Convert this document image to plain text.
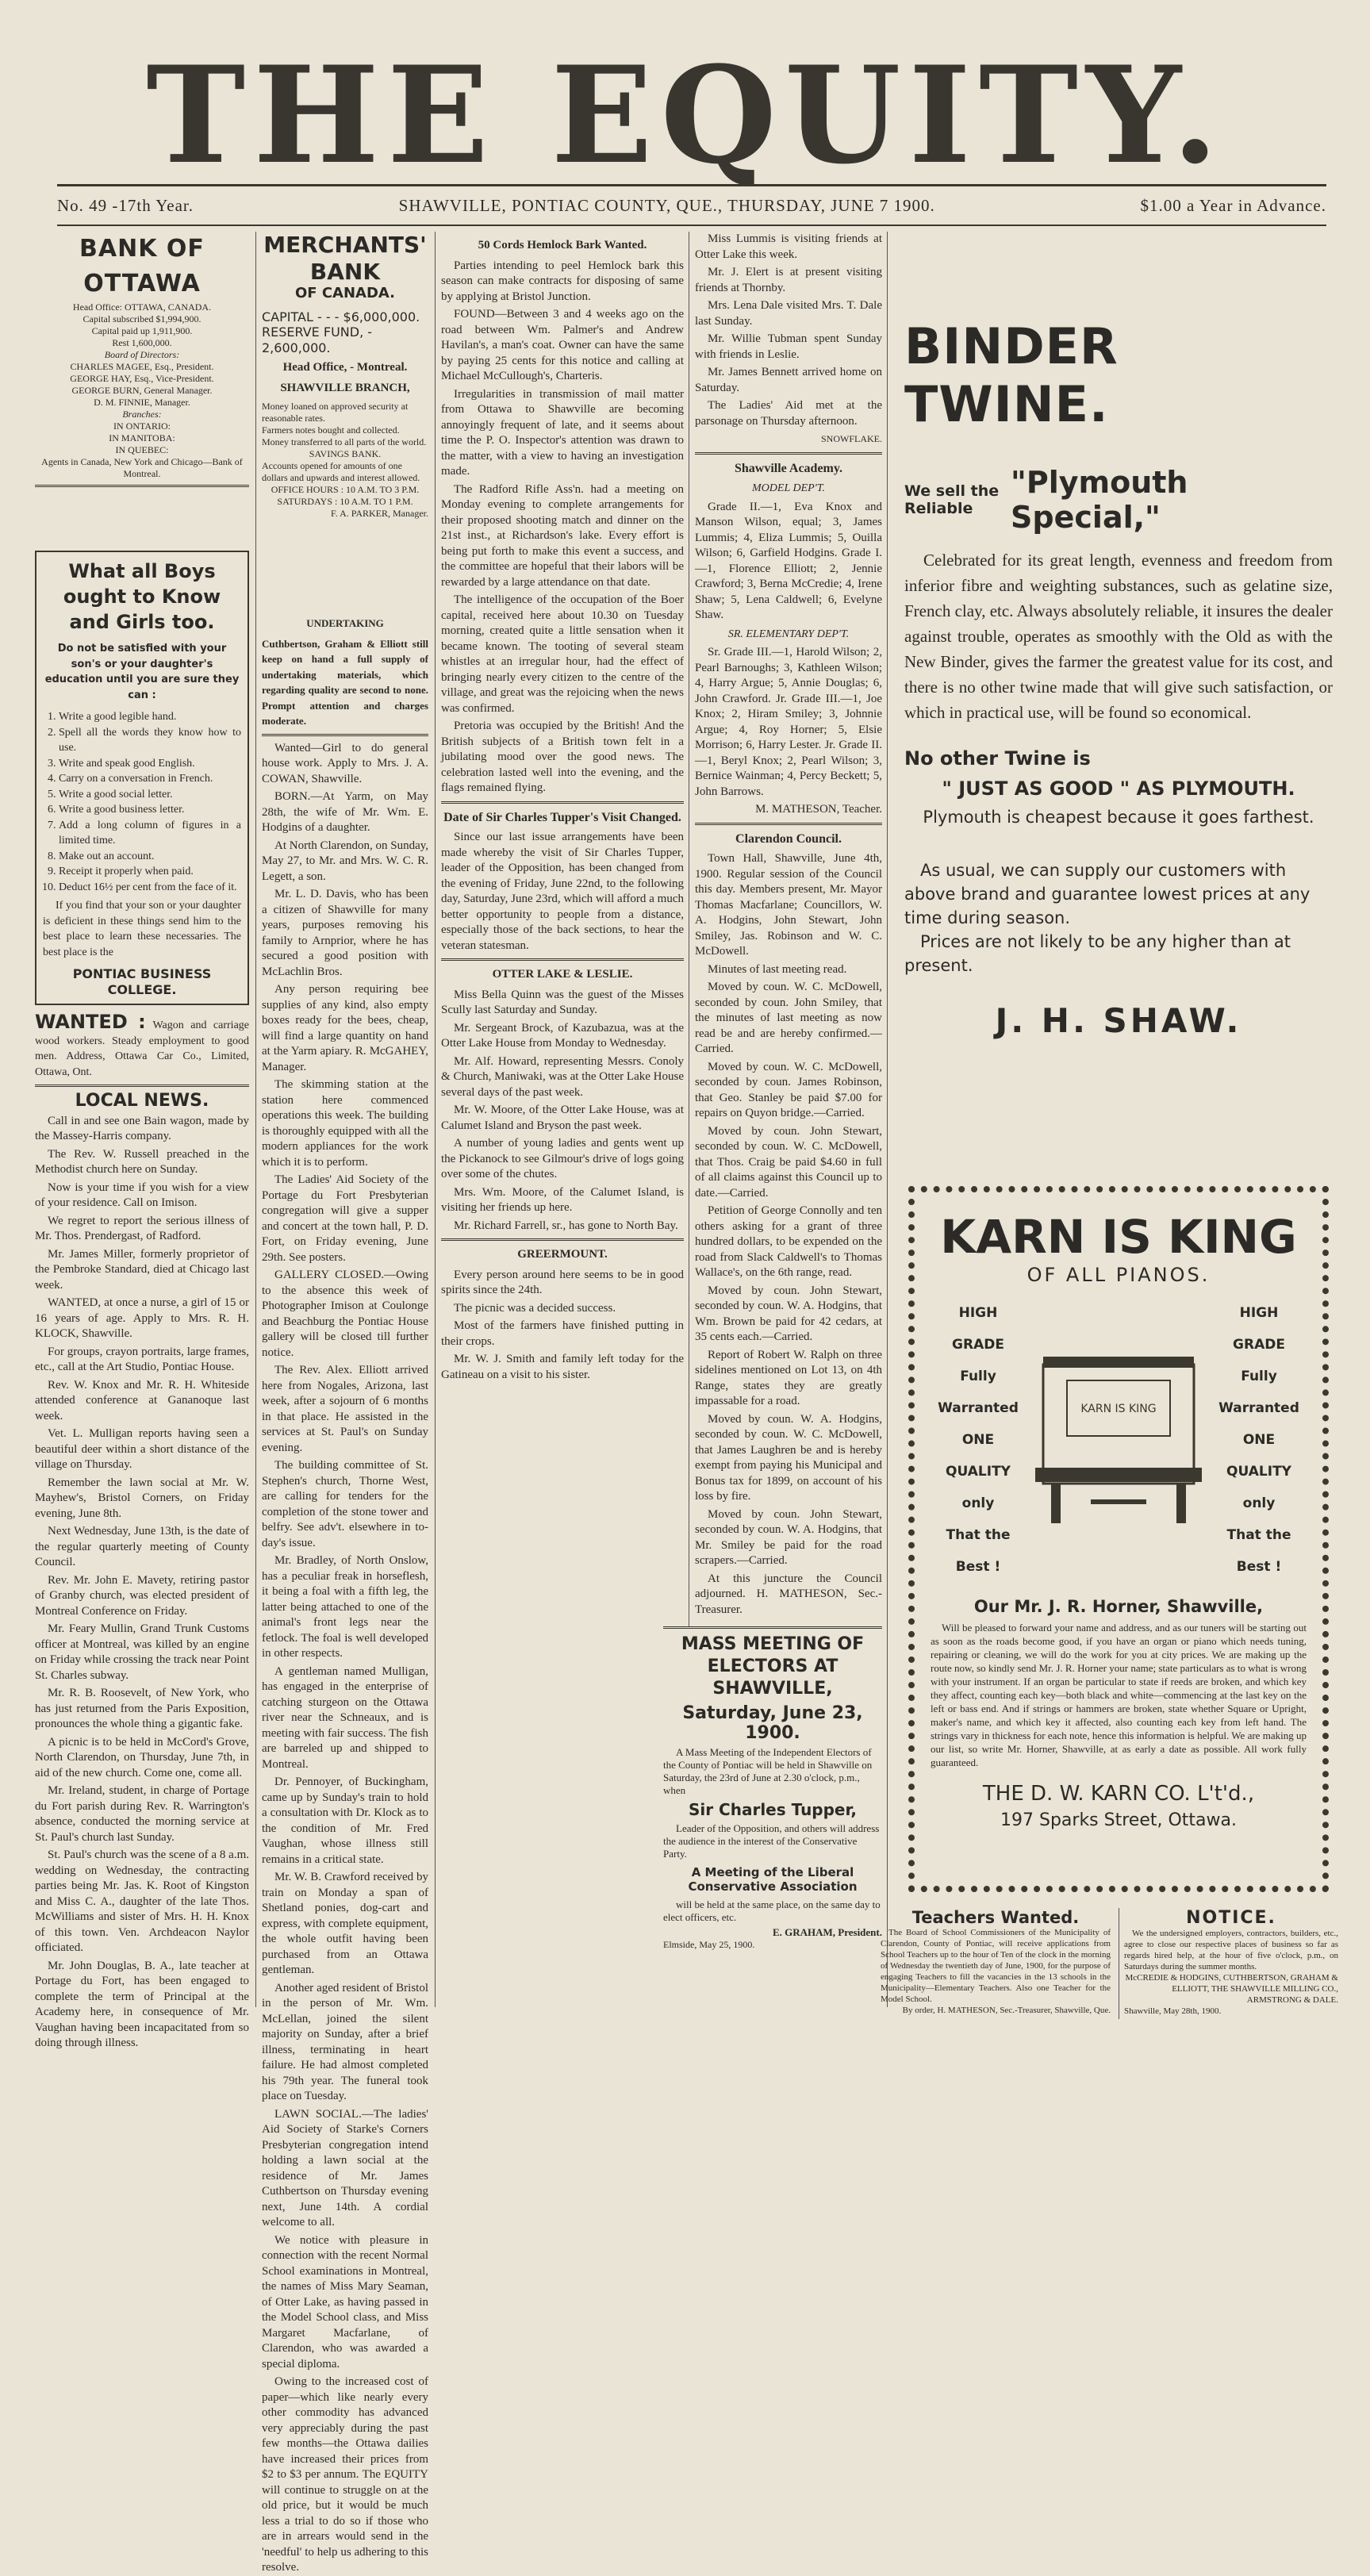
THE EQUITY.
No. 49 -17th Year.	SHAWVILLE, PONTIAC COUNTY, QUE., THURSDAY, JUNE 7 1900.	$1.00 a Year in Advance.
BANK OF OTTAWA
Head Office: OTTAWA, CANADA.
Capital subscribed $1,994,900.
Capital paid up 1,911,900.
Rest 1,600,000.
Board of Directors:
CHARLES MAGEE, Esq., President.
GEORGE HAY, Esq., Vice-President.
GEORGE BURN, General Manager.
D. M. FINNIE, Manager.
Branches:
IN ONTARIO:
IN MANITOBA:
IN QUEBEC:
Agents in Canada, New York and Chicago—Bank of Montreal.
What all Boys ought to Know and Girls too.
Do not be satisfied with your son's or your daughter's education until you are sure they can :
1. Write a good legible hand.
2. Spell all the words they know how to use.
3. Write and speak good English.
4. Carry on a conversation in French.
5. Write a good social letter.
6. Write a good business letter.
7. Add a long column of figures in a limited time.
8. Make out an account.
9. Receipt it properly when paid.
10. Deduct 16½ per cent from the face of it.
If you find that your son or your daughter is deficient in these things send him to the best place to learn these necessaries. The best place is the
PONTIAC BUSINESS COLLEGE.
WANTED : Wagon and carriage wood workers. Steady employment to good men. Address, Ottawa Car Co., Limited, Ottawa, Ont.
LOCAL NEWS.
Call in and see one Bain wagon, made by the Massey-Harris company.
The Rev. W. Russell preached in the Methodist church here on Sunday.
Now is your time if you wish for a view of your residence. Call on Imison.
We regret to report the serious illness of Mr. Thos. Prendergast, of Radford.
Mr. James Miller, formerly proprietor of the Pembroke Standard, died at Chicago last week.
WANTED, at once a nurse, a girl of 15 or 16 years of age. Apply to Mrs. R. H. KLOCK, Shawville.
For groups, crayon portraits, large frames, etc., call at the Art Studio, Pontiac House.
Rev. W. Knox and Mr. R. H. Whiteside attended conference at Gananoque last week.
Vet. L. Mulligan reports having seen a beautiful deer within a short distance of the village on Thursday.
Remember the lawn social at Mr. W. Mayhew's, Bristol Corners, on Friday evening, June 8th.
Next Wednesday, June 13th, is the date of the regular quarterly meeting of County Council.
Rev. Mr. John E. Mavety, retiring pastor of Granby church, was elected president of Montreal Conference on Friday.
Mr. Feary Mullin, Grand Trunk Customs officer at Montreal, was killed by an engine on Friday while crossing the track near Point St. Charles subway.
Mr. R. B. Roosevelt, of New York, who has just returned from the Paris Exposition, pronounces the whole thing a gigantic fake.
A picnic is to be held in McCord's Grove, North Clarendon, on Thursday, June 7th, in aid of the new church. Come one, come all.
Mr. Ireland, student, in charge of Portage du Fort parish during Rev. R. Warrington's absence, conducted the morning service at St. Paul's church last Sunday.
St. Paul's church was the scene of a 8 a.m. wedding on Wednesday, the contracting parties being Mr. Jas. K. Root of Kingston and Miss C. A., daughter of the late Thos. McWilliams and sister of Mrs. H. H. Knox of this town. Ven. Archdeacon Naylor officiated.
Mr. John Douglas, B. A., late teacher at Portage du Fort, has been engaged to complete the term of Principal at the Academy here, in consequence of Mr. Vaughan having been incapacitated from so doing through illness.
MERCHANTS' BANK
OF CANADA.
CAPITAL - - - $6,000,000.
RESERVE FUND, - 2,600,000.
Head Office, - Montreal.
SHAWVILLE BRANCH,
Money loaned on approved security at reasonable rates.
Farmers notes bought and collected.
Money transferred to all parts of the world.
SAVINGS BANK.
Accounts opened for amounts of one dollars and upwards and interest allowed.
OFFICE HOURS : 10 A.M. TO 3 P.M.
SATURDAYS : 10 A.M. TO 1 P.M.
F. A. PARKER, Manager.
UNDERTAKING
Cuthbertson, Graham & Elliott still keep on hand a full supply of undertaking materials, which regarding quality are second to none. Prompt attention and charges moderate.
Wanted—Girl to do general house work. Apply to Mrs. J. A. COWAN, Shawville.
BORN.—At Yarm, on May 28th, the wife of Mr. Wm. E. Hodgins of a daughter.
At North Clarendon, on Sunday, May 27, to Mr. and Mrs. W. C. R. Legett, a son.
Mr. L. D. Davis, who has been a citizen of Shawville for many years, purposes removing his family to Arnprior, where he has secured a good position with McLachlin Bros.
Any person requiring bee supplies of any kind, also empty boxes ready for the bees, cheap, will find a large quantity on hand at the Yarm apiary. R. McGAHEY, Manager.
The skimming station at the station here commenced operations this week. The building is thoroughly equipped with all the modern appliances for the work which it is to perform.
The Ladies' Aid Society of the Portage du Fort Presbyterian congregation will give a supper and concert at the town hall, P. D. Fort, on Friday evening, June 29th. See posters.
GALLERY CLOSED.—Owing to the absence this week of Photographer Imison at Coulonge and Beachburg the Pontiac House gallery will be closed till further notice.
The Rev. Alex. Elliott arrived here from Nogales, Arizona, last week, after a sojourn of 6 months in that place. He assisted in the services at St. Paul's on Sunday evening.
The building committee of St. Stephen's church, Thorne West, are calling for tenders for the completion of the stone tower and belfry. See adv't. elsewhere in to-day's issue.
Mr. Bradley, of North Onslow, has a peculiar freak in horseflesh, it being a foal with a fifth leg, the latter being attached to one of the animal's front legs near the fetlock. The foal is well developed in other respects.
A gentleman named Mulligan, has engaged in the enterprise of catching sturgeon on the Ottawa river near the Schneaux, and is meeting with fair success. The fish are barreled up and shipped to Montreal.
Dr. Pennoyer, of Buckingham, came up by Sunday's train to hold a consultation with Dr. Klock as to the condition of Mr. Fred Vaughan, whose illness still remains in a critical state.
Mr. W. B. Crawford received by train on Monday a span of Shetland ponies, dog-cart and express, with complete equipment, the whole outfit having been purchased from an Ottawa gentleman.
Another aged resident of Bristol in the person of Mr. Wm. McLellan, joined the silent majority on Sunday, after a brief illness, terminating in heart failure. He had almost completed his 79th year. The funeral took place on Tuesday.
LAWN SOCIAL.—The ladies' Aid Society of Starke's Corners Presbyterian congregation intend holding a lawn social at the residence of Mr. James Cuthbertson on Thursday evening next, June 14th. A cordial welcome to all.
We notice with pleasure in connection with the recent Normal School examinations in Montreal, the names of Miss Mary Seaman, of Otter Lake, as having passed in the Model School class, and Miss Margaret Macfarlane, of Clarendon, who was awarded a special diploma.
Owing to the increased cost of paper—which like nearly every other commodity has advanced very appreciably during the past few months—the Ottawa dailies have increased their prices from $2 to $3 per annum. The EQUITY will continue to struggle on at the old price, but it would be much less a trial to do so if those who are in arrears would send in the 'needful' to help us adhering to this resolve.
50 Cords Hemlock Bark Wanted.
Parties intending to peel Hemlock bark this season can make contracts for disposing of same by applying at Bristol Junction.
FOUND—Between 3 and 4 weeks ago on the road between Wm. Palmer's and Andrew Havilan's, a man's coat. Owner can have the same by paying 25 cents for this notice and calling at Michael McCullough's, Charteris.
Irregularities in transmission of mail matter from Ottawa to Shawville are becoming annoyingly frequent of late, and it seems about time the P. O. Inspector's attention was drawn to the matter, with a view to having an investigation made.
The Radford Rifle Ass'n. had a meeting on Monday evening to complete arrangements for their proposed shooting match and dinner on the 21st inst., at Richardson's lake. Every effort is being put forth to make this event a success, and the committee are hopeful that their labors will be rewarded by a large attendance on that date.
The intelligence of the occupation of the Boer capital, received here about 10.30 on Tuesday morning, created quite a little sensation when it became known. The tooting of several steam whistles at an irregular hour, had the effect of bringing nearly every citizen to the centre of the village, and great was the rejoicing when the news was confirmed.
Pretoria was occupied by the British! And the British subjects of a British town felt in a jubilating mood over the good news. The celebration lasted well into the evening, and the flags remained flying.
Date of Sir Charles Tupper's Visit Changed.
Since our last issue arrangements have been made whereby the visit of Sir Charles Tupper, leader of the Opposition, has been changed from the evening of Friday, June 22nd, to the following day, Saturday, June 23rd, which will afford a much better opportunity to people from a distance, especially those of the back sections, to hear the veteran statesman.
OTTER LAKE & LESLIE.
Miss Bella Quinn was the guest of the Misses Scully last Saturday and Sunday.
Mr. Sergeant Brock, of Kazubazua, was at the Otter Lake House from Monday to Wednesday.
Mr. Alf. Howard, representing Messrs. Conoly & Church, Maniwaki, was at the Otter Lake House several days of the past week.
Mr. W. Moore, of the Otter Lake House, was at Calumet Island and Bryson the past week.
A number of young ladies and gents went up the Pickanock to see Gilmour's drive of logs going over some of the chutes.
Mrs. Wm. Moore, of the Calumet Island, is visiting her friends up here.
Mr. Richard Farrell, sr., has gone to North Bay.
GREERMOUNT.
Every person around here seems to be in good spirits since the 24th.
The picnic was a decided success.
Most of the farmers have finished putting in their crops.
Mr. W. J. Smith and family left today for the Gatineau on a visit to his sister.
Miss Lummis is visiting friends at Otter Lake this week.
Mr. J. Elert is at present visiting friends at Thornby.
Mrs. Lena Dale visited Mrs. T. Dale last Sunday.
Mr. Willie Tubman spent Sunday with friends in Leslie.
Mr. James Bennett arrived home on Saturday.
The Ladies' Aid met at the parsonage on Thursday afternoon.
SNOWFLAKE.
Shawville Academy.
MODEL DEP'T.
Grade II.—1, Eva Knox and Manson Wilson, equal; 3, James Lummis; 4, Eliza Lummis; 5, Ouilla Wilson; 6, Garfield Hodgins. Grade I.—1, Florence Elliott; 2, Jennie Crawford; 3, Berna McCredie; 4, Irene Shaw; 5, Lena Caldwell; 6, Evelyne Shaw.
SR. ELEMENTARY DEP'T.
Sr. Grade III.—1, Harold Wilson; 2, Pearl Barnoughs; 3, Kathleen Wilson; 4, Harry Argue; 5, Annie Douglas; 6, John Crawford. Jr. Grade III.—1, Joe Knox; 2, Hiram Smiley; 3, Johnnie Argue; 4, Roy Horner; 5, Elsie Morrison; 6, Harry Lester. Jr. Grade II.—1, Beryl Knox; 2, Pearl Wilson; 3, Bernice Wainman; 4, Percy Beckett; 5, John Barrows.
M. MATHESON, Teacher.
Clarendon Council.
Town Hall, Shawville, June 4th, 1900. Regular session of the Council this day. Members present, Mr. Mayor Thomas Macfarlane; Councillors, W. A. Hodgins, John Stewart, John Smiley, Jas. Robinson and W. C. McDowell.
Minutes of last meeting read.
Moved by coun. W. C. McDowell, seconded by coun. John Smiley, that the minutes of last meeting as now read be and are hereby confirmed.—Carried.
Moved by coun. W. C. McDowell, seconded by coun. James Robinson, that Geo. Stanley be paid $7.00 for repairs on Quyon bridge.—Carried.
Moved by coun. John Stewart, seconded by coun. W. C. McDowell, that Thos. Craig be paid $4.60 in full of all claims against this Council up to date.—Carried.
Petition of George Connolly and ten others asking for a grant of three hundred dollars, to be expended on the road from Slack Caldwell's to Thomas Wallace's, on the 6th range, read.
Moved by coun. John Stewart, seconded by coun. W. A. Hodgins, that Wm. Brown be paid for 42 cedars, at 35 cents each.—Carried.
Report of Robert W. Ralph on three sidelines mentioned on Lot 13, on 4th Range, states they are greatly impassable for a road.
Moved by coun. W. A. Hodgins, seconded by coun. W. C. McDowell, that James Laughren be and is hereby exempt from paying his Municipal and Bonus tax for 1899, on account of his loss by fire.
Moved by coun. John Stewart, seconded by coun. W. A. Hodgins, that Mr. Smiley be paid for the road scrapers.—Carried.
At this juncture the Council adjourned. H. MATHESON, Sec.-Treasurer.
MASS MEETING OF ELECTORS AT SHAWVILLE,
Saturday, June 23, 1900.
A Mass Meeting of the Independent Electors of the County of Pontiac will be held in Shawville on Saturday, the 23rd of June at 2.30 o'clock, p.m., when
Sir Charles Tupper,
Leader of the Opposition, and others will address the audience in the interest of the Conservative Party.
A Meeting of the Liberal Conservative Association
will be held at the same place, on the same day to elect officers, etc.
E. GRAHAM, President.
Elmside, May 25, 1900.
BINDER TWINE.
We sell the Reliable
"Plymouth Special,"
Celebrated for its great length, evenness and freedom from inferior fibre and weighting substances, such as gelatine size, French clay, etc. Always absolutely reliable, it insures the dealer against trouble, operates as smoothly with the Old as with the New Binder, gives the farmer the greatest value for its cost, and there is no other twine made that will give such satisfaction, or which in practical use, will be found so economical.
No other Twine is
" JUST AS GOOD " AS PLYMOUTH.
Plymouth is cheapest because it goes farthest.
As usual, we can supply our customers with above brand and guarantee lowest prices at any time during season.
Prices are not likely to be any higher than at present.
J. H. SHAW.
KARN IS KING
OF ALL PIANOS.
HIGH GRADE
Fully Warranted
ONE QUALITY
only
That the Best !
KARN IS KING
HIGH GRADE
Fully Warranted
ONE QUALITY
only
That the Best !
Our Mr. J. R. Horner, Shawville,
Will be pleased to forward your name and address, and as our tuners will be starting out as soon as the roads become good, if you have an organ or piano which needs tuning, repairing or cleaning, we will do the work for you at city prices. We are making up the route now, so kindly send Mr. J. R. Horner your name; state particulars as to what is wrong with your instrument. If an organ be particular to state if reeds are broken, and which key they affect, counting each key—both black and white—commencing at the last key on the left or bass end. And if strings or hammers are broken, state whether Square or Upright, maker's name, and which key it affected, also counting each key from left hand. The strings vary in thickness for each note, hence this information is helpful. We are making up our list, so write Mr. Horner, Shawville, at as early a date as possible. All work fully guaranteed.
THE D. W. KARN CO. L't'd.,
197 Sparks Street, Ottawa.
Teachers Wanted.
The Board of School Commissioners of the Municipality of Clarendon, County of Pontiac, will receive applications from School Teachers up to the hour of Ten of the clock in the morning of Wednesday the twentieth day of June, 1900, for the purpose of engaging Teachers to fill the vacancies in the 13 schools in the Municipality—Elementary Teachers. Also one Teacher for the Model School.
By order, H. MATHESON, Sec.-Treasurer, Shawville, Que.
NOTICE.
We the undersigned employers, contractors, builders, etc., agree to close our respective places of business so far as regards hired help, at the hour of five o'clock, p.m., on Saturdays during the summer months.
McCREDIE & HODGINS, CUTHBERTSON, GRAHAM & ELLIOTT, THE SHAWVILLE MILLING CO., ARMSTRONG & DALE.
Shawville, May 28th, 1900.
